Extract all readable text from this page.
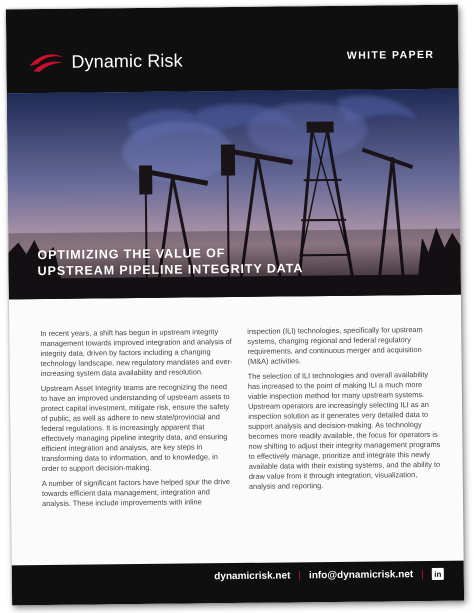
Dynamic Risk	WHITE PAPER
OPTIMIZING THE VALUE OF
UPSTREAM PIPELINE INTEGRITY DATA

In recent years, a shift has begun in upstream integrity management towards improved integration and analysis of integrity data, driven by factors including a changing technology landscape, new regulatory mandates and ever-increasing system data availability and resolution.

Upstream Asset Integrity teams are recognizing the need to have an improved understanding of upstream assets to protect capital investment, mitigate risk, ensure the safety of public, as well as adhere to new state/provincial and federal regulations. It is increasingly apparent that effectively managing pipeline integrity data, and ensuring efficient integration and analysis, are key steps in transforming data to information, and to knowledge, in order to support decision-making.

A number of significant factors have helped spur the drive towards efficient data management, integration and analysis. These include improvements with inline

inspection (ILI) technologies, specifically for upstream systems, changing regional and federal regulatory requirements, and continuous merger and acquisition (M&A) activities.

The selection of ILI technologies and overall availability has increased to the point of making ILI a much more viable inspection method for many upstream systems. Upstream operators are increasingly selecting ILI as an inspection solution as it generates very detailed data to support analysis and decision-making. As technology becomes more readily available, the focus for operators is now shifting to adjust their integrity management programs to effectively manage, prioritize and integrate this newly available data with their existing systems, and the ability to draw value from it through integration, visualization, analysis and reporting.

dynamicrisk.net | info@dynamicrisk.net |	in
